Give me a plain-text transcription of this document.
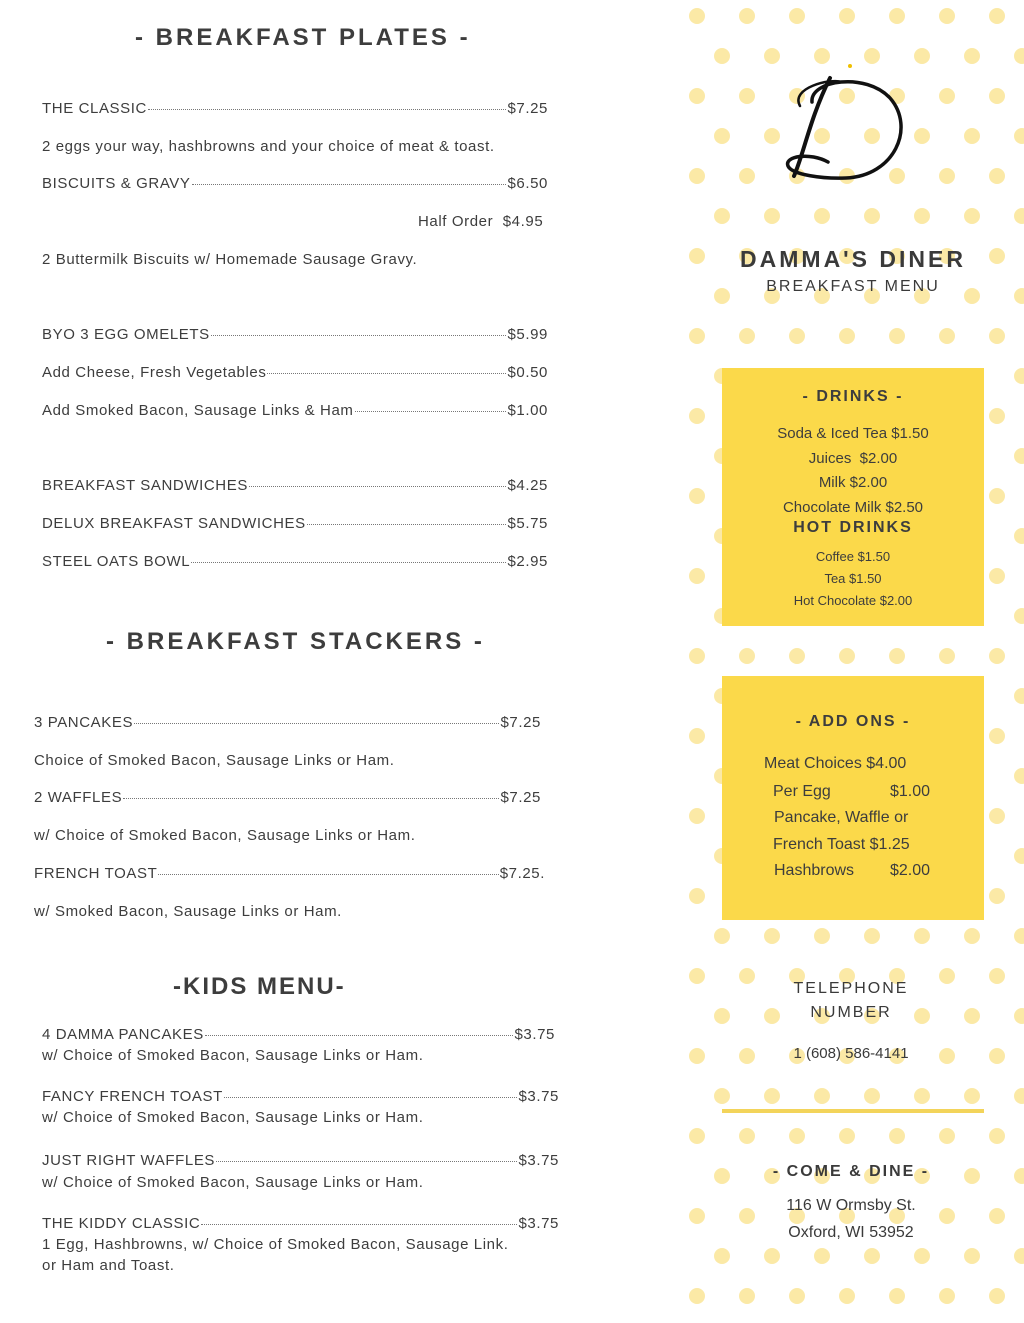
- BREAKFAST PLATES -
THE CLASSIC	$7.25
2 eggs your way, hashbrowns and your choice of meat & toast.
BISCUITS & GRAVY	$6.50
Half Order  $4.95
2 Buttermilk Biscuits w/ Homemade Sausage Gravy.
BYO 3 EGG OMELETS	$5.99
Add Cheese, Fresh Vegetables	$0.50
Add Smoked Bacon, Sausage Links & Ham	$1.00
BREAKFAST SANDWICHES	$4.25
DELUX BREAKFAST SANDWICHES	$5.75
STEEL OATS BOWL	$2.95
- BREAKFAST STACKERS -
3 PANCAKES	$7.25
Choice of Smoked Bacon, Sausage Links or Ham.
2 WAFFLES	$7.25
w/ Choice of Smoked Bacon, Sausage Links or Ham.
FRENCH TOAST	$7.25.
w/ Smoked Bacon, Sausage Links or Ham.
-KIDS MENU-
4 DAMMA PANCAKES	$3.75
w/ Choice of Smoked Bacon, Sausage Links or Ham.
FANCY FRENCH TOAST	$3.75
w/ Choice of Smoked Bacon, Sausage Links or Ham.
JUST RIGHT WAFFLES	$3.75
w/ Choice of Smoked Bacon, Sausage Links or Ham.
THE KIDDY CLASSIC	$3.75
1 Egg, Hashbrowns, w/ Choice of Smoked Bacon, Sausage Link.
or Ham and Toast.
DAMMA'S DINER
BREAKFAST MENU
- DRINKS -
Soda & Iced Tea $1.50
Juices  $2.00
Milk $2.00
Chocolate Milk $2.50
HOT DRINKS
Coffee $1.50
Tea $1.50
Hot Chocolate $2.00
- ADD ONS -
Meat Choices $4.00
Per Egg	$1.00
Pancake, Waffle or
French Toast $1.25
Hashbrows $2.00
TELEPHONE
NUMBER
1 (608) 586-4141
- COME & DINE -
116 W Ormsby St.
Oxford, WI 53952
